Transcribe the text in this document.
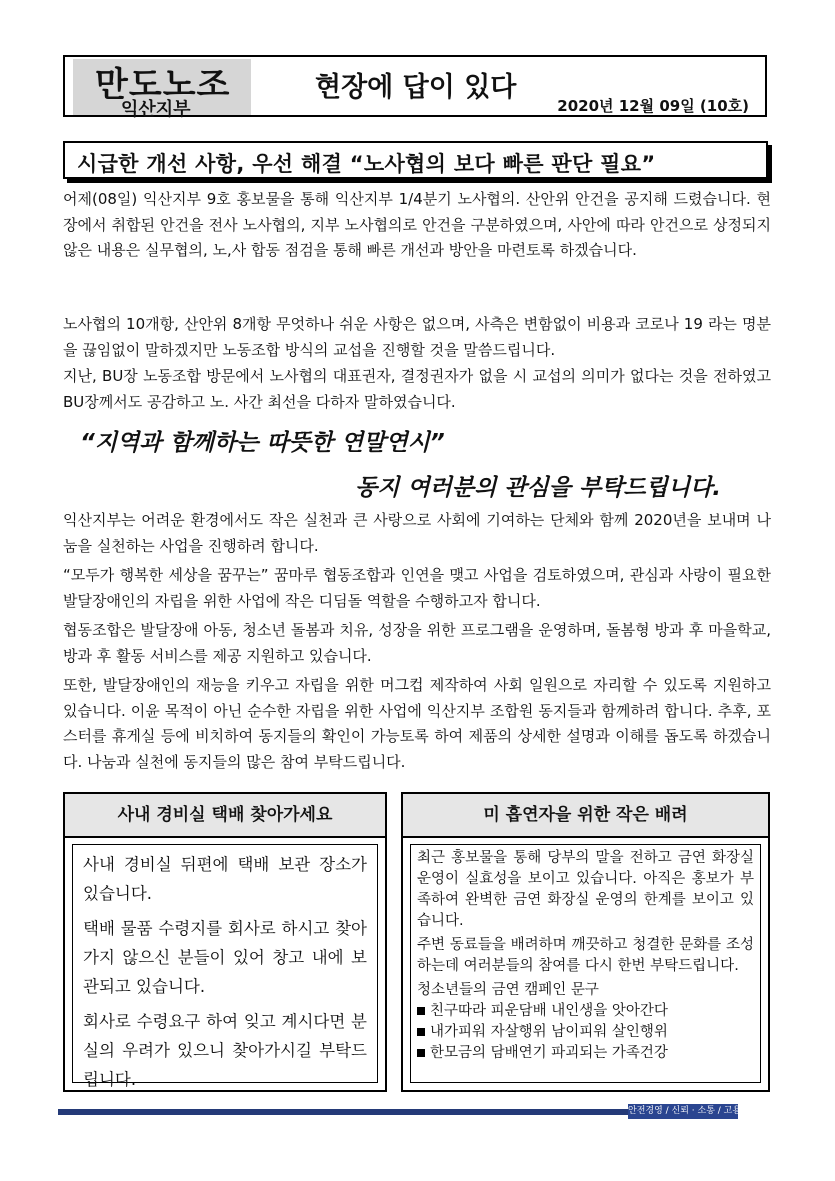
만도노조
익산지부
현장에 답이 있다
2020년 12월 09일 (10호)
시급한 개선 사항, 우선 해결 “노사협의 보다 빠른 판단 필요”

어제(08일) 익산지부 9호 홍보물을 통해 익산지부 1/4분기 노사협의. 산안위 안건을 공지해 드렸습니다. 현장에서 취합된 안건을 전사 노사협의, 지부 노사협의로 안건을 구분하였으며, 사안에 따라 안건으로 상정되지 않은 내용은 실무협의, 노,사 합동 점검을 통해 빠른 개선과 방안을 마련토록 하겠습니다.

노사협의 10개항, 산안위 8개항 무엇하나 쉬운 사항은 없으며, 사측은 변함없이 비용과 코로나 19 라는 명분을 끊임없이 말하겠지만 노동조합 방식의 교섭을 진행할 것을 말씀드립니다.

지난, BU장 노동조합 방문에서 노사협의 대표권자, 결정권자가 없을 시 교섭의 의미가 없다는 것을 전하였고 BU장께서도 공감하고 노. 사간 최선을 다하자 말하였습니다.

“지역과 함께하는 따뜻한 연말연시”
동지 여러분의 관심을 부탁드립니다.

익산지부는 어려운 환경에서도 작은 실천과 큰 사랑으로 사회에 기여하는 단체와 함께 2020년을 보내며 나눔을 실천하는 사업을 진행하려 합니다.

“모두가 행복한 세상을 꿈꾸는” 꿈마루 협동조합과 인연을 맺고 사업을 검토하였으며, 관심과 사랑이 필요한 발달장애인의 자립을 위한 사업에 작은 디딤돌 역할을 수행하고자 합니다.

협동조합은 발달장애 아동, 청소년 돌봄과 치유, 성장을 위한 프로그램을 운영하며, 돌봄형 방과 후 마을학교, 방과 후 활동 서비스를 제공 지원하고 있습니다.

또한, 발달장애인의 재능을 키우고 자립을 위한 머그컵 제작하여 사회 일원으로 자리할 수 있도록 지원하고 있습니다. 이윤 목적이 아닌 순수한 자립을 위한 사업에 익산지부 조합원 동지들과 함께하려 합니다. 추후, 포스터를 휴게실 등에 비치하여 동지들의 확인이 가능토록 하여 제품의 상세한 설명과 이해를 돕도록 하겠습니다. 나눔과 실천에 동지들의 많은 참여 부탁드립니다.

사내 경비실 택배 찾아가세요

사내 경비실 뒤편에 택배 보관 장소가 있습니다.

택배 물품 수령지를 회사로 하시고 찾아가지 않으신 분들이 있어 창고 내에 보관되고 있습니다.

회사로 수령요구 하여 잊고 계시다면 분실의 우려가 있으니 찾아가시길 부탁드립니다.

미 흡연자을 위한 작은 배려

최근 홍보물을 통해 당부의 말을 전하고 금연 화장실 운영이 실효성을 보이고 있습니다. 아직은 홍보가 부족하여 완벽한 금연 화장실 운영의 한계를 보이고 있습니다.

주변 동료들을 배려하며 깨끗하고 청결한 문화를 조성하는데 여러분들의 참여를 다시 한번 부탁드립니다.

청소년들의 금연 캠페인 문구

친구따라 피운담배 내인생을 앗아간다
내가피워 자살행위 남이피워 살인행위
한모금의 담배연기 파괴되는 가족건강
안전경영 / 신뢰 · 소통 / 고용안정
